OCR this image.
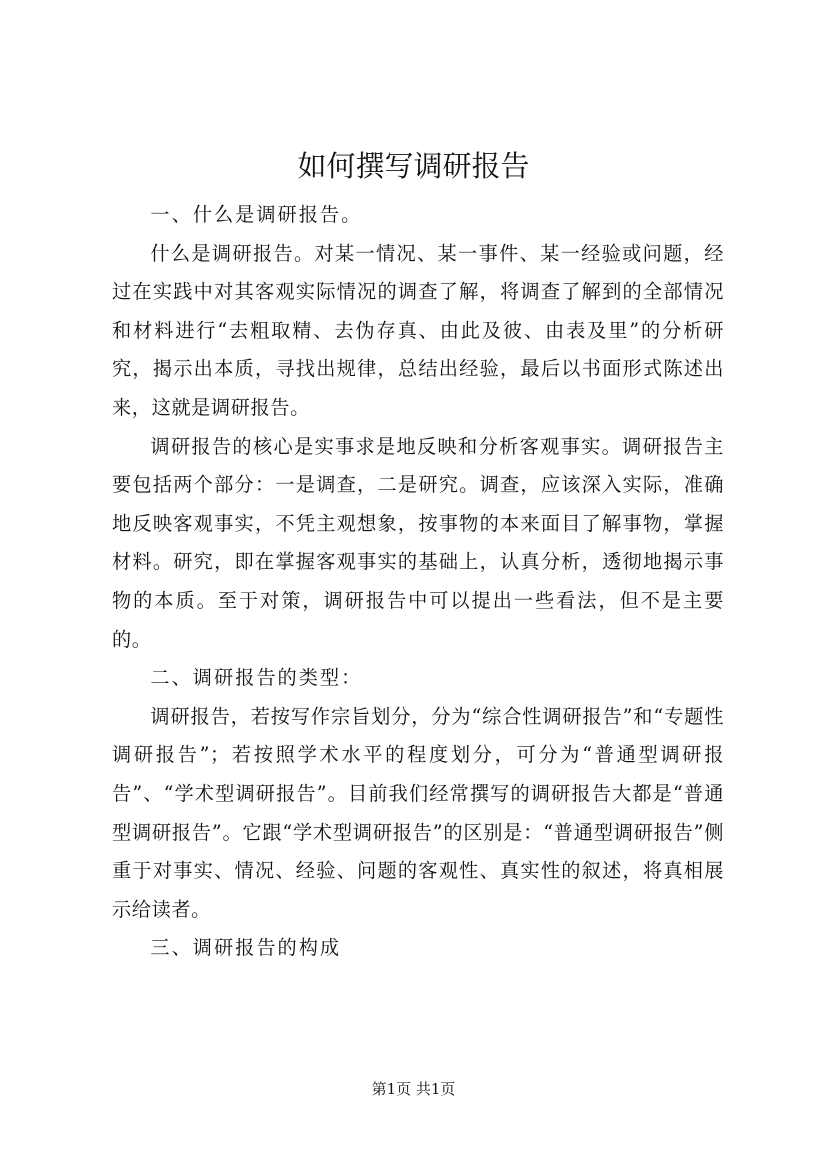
如何撰写调研报告

一、什么是调研报告。

什么是调研报告。对某一情况、某一事件、某一经验或问题，经过在实践中对其客观实际情况的调查了解，将调查了解到的全部情况和材料进行“去粗取精、去伪存真、由此及彼、由表及里”的分析研究，揭示出本质，寻找出规律，总结出经验，最后以书面形式陈述出来，这就是调研报告。

调研报告的核心是实事求是地反映和分析客观事实。调研报告主要包括两个部分：一是调查，二是研究。调查，应该深入实际，准确地反映客观事实，不凭主观想象，按事物的本来面目了解事物，掌握材料。研究，即在掌握客观事实的基础上，认真分析，透彻地揭示事物的本质。至于对策，调研报告中可以提出一些看法，但不是主要的。

二、调研报告的类型：

调研报告，若按写作宗旨划分，分为“综合性调研报告”和“专题性调研报告”；若按照学术水平的程度划分，可分为“普通型调研报告”、“学术型调研报告”。目前我们经常撰写的调研报告大都是“普通型调研报告”。它跟“学术型调研报告”的区别是：“普通型调研报告”侧重于对事实、情况、经验、问题的客观性、真实性的叙述，将真相展示给读者。

三、调研报告的构成

第1页 共1页
